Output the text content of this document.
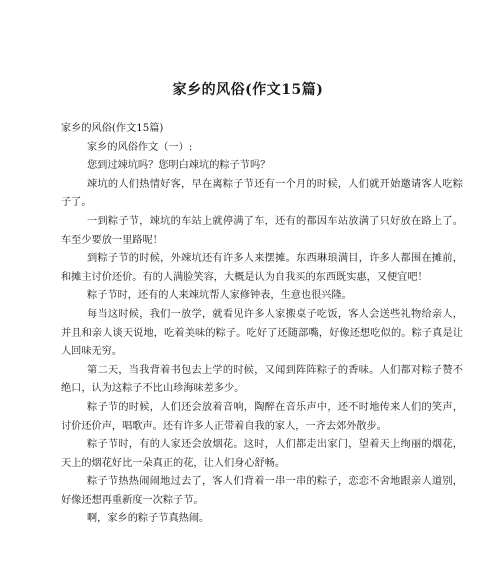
家乡的风俗(作文15篇)

家乡的风俗(作文15篇)

家乡的风俗作文（一）:

您到过竦坑吗？您明白竦坑的粽子节吗？

竦坑的人们热情好客，早在离粽子节还有一个月的时候，人们就开始邀请客人吃粽子了。

一到粽子节，竦坑的车站上就停满了车，还有的都因车站放满了只好放在路上了。车至少要放一里路呢！

到粽子节的时候，外竦坑还有许多人来摆摊。东西琳琅满目，许多人都围在摊前，和摊主讨价还价。有的人满脸笑容，大概是认为自我买的东西既实惠，又便宜吧！

粽子节时，还有的人来竦坑帮人家修钟表，生意也很兴隆。

每当这时候，我们一放学，就看见许多人家搬桌子吃饭，客人会送些礼物给亲人，并且和亲人谈天说地，吃着美味的粽子。吃好了还随部嘴，好像还想吃似的。粽子真是让人回味无穷。

第二天，当我背着书包去上学的时候，又闻到阵阵粽子的香味。人们都对粽子赞不绝口，认为这粽子不比山珍海味差多少。

粽子节的时候，人们还会放着音响，陶醉在音乐声中，还不时地传来人们的笑声，讨价还价声，唱歌声。还有许多人正带着自我的家人，一齐去郊外散步。

粽子节时，有的人家还会放烟花。这时，人们都走出家门，望着天上绚丽的烟花，天上的烟花好比一朵真正的花，让人们身心舒畅。

粽子节热热闹闹地过去了，客人们背着一串一串的粽子，恋恋不舍地跟亲人道别，好像还想再重新度一次粽子节。

啊，家乡的粽子节真热闹。
